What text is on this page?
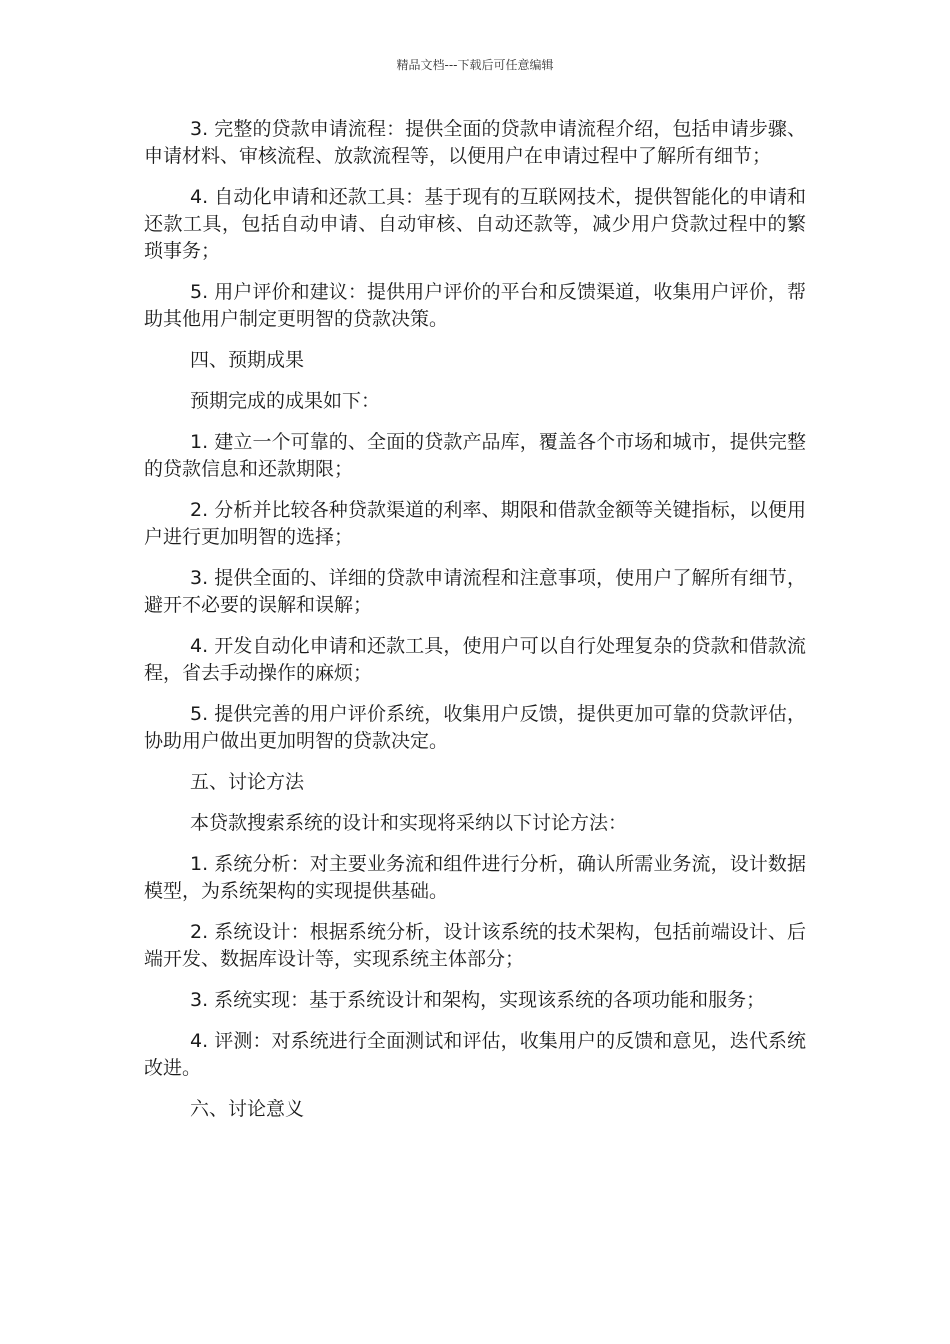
精品文档---下载后可任意编辑

3. 完整的贷款申请流程：提供全面的贷款申请流程介绍，包括申请步骤、申请材料、审核流程、放款流程等，以便用户在申请过程中了解所有细节；

4. 自动化申请和还款工具：基于现有的互联网技术，提供智能化的申请和还款工具，包括自动申请、自动审核、自动还款等，减少用户贷款过程中的繁琐事务；

5. 用户评价和建议：提供用户评价的平台和反馈渠道，收集用户评价，帮助其他用户制定更明智的贷款决策。

四、预期成果

预期完成的成果如下：

1. 建立一个可靠的、全面的贷款产品库，覆盖各个市场和城市，提供完整的贷款信息和还款期限；

2. 分析并比较各种贷款渠道的利率、期限和借款金额等关键指标，以便用户进行更加明智的选择；

3. 提供全面的、详细的贷款申请流程和注意事项，使用户了解所有细节，避开不必要的误解和误解；

4. 开发自动化申请和还款工具，使用户可以自行处理复杂的贷款和借款流程，省去手动操作的麻烦；

5. 提供完善的用户评价系统，收集用户反馈，提供更加可靠的贷款评估，协助用户做出更加明智的贷款决定。

五、讨论方法

本贷款搜索系统的设计和实现将采纳以下讨论方法：

1. 系统分析：对主要业务流和组件进行分析，确认所需业务流，设计数据模型，为系统架构的实现提供基础。

2. 系统设计：根据系统分析，设计该系统的技术架构，包括前端设计、后端开发、数据库设计等，实现系统主体部分；

3. 系统实现：基于系统设计和架构，实现该系统的各项功能和服务；

4. 评测：对系统进行全面测试和评估，收集用户的反馈和意见，迭代系统改进。

六、讨论意义
